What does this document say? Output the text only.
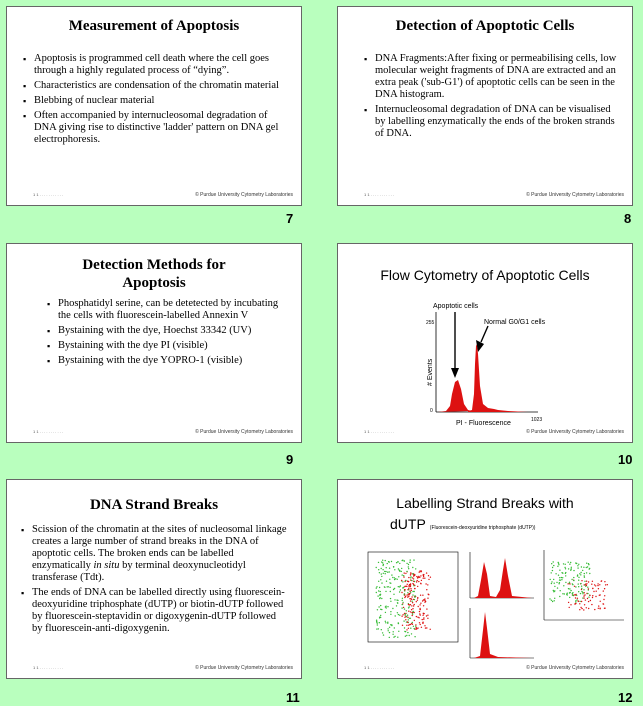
Measurement of Apoptosis
▪ Apoptosis is programmed cell death where the cell goes through a highly regulated process of “dying”.
▪ Characteristics are condensation of the chromatin material
▪ Blebbing of nuclear material
▪ Often accompanied by internucleosomal degradation of DNA giving rise to distinctive 'ladder' pattern on DNA gel electrophoresis.
1 1 . . . . . . . . . . .	© Purdue University Cytometry Laboratories
7
Detection of Apoptotic Cells
▪ DNA Fragments:After fixing or permeabilising cells, low molecular weight fragments of DNA are extracted and an extra peak ('sub-G1') of apoptotic cells can be seen in the DNA histogram.
▪ Internucleosomal degradation of DNA can be visualised by labelling enzymatically the ends of the broken strands of DNA.
1 1 . . . . . . . . . . .	© Purdue University Cytometry Laboratories
8
Detection Methods for Apoptosis
▪ Phosphatidyl serine, can be detetected by incubating the cells with fluorescein-labelled Annexin V
▪ Bystaining with the dye, Hoechst 33342 (UV)
▪ Bystaining with the dye PI (visible)
▪ Bystaining with the dye YOPRO-1 (visible)
1 1 . . . . . . . . . . .	© Purdue University Cytometry Laboratories
9
Flow Cytometry of Apoptotic Cells
Apoptotic cells
Normal G0/G1 cells
255
0
1023
# Events
PI - Fluorescence
1 1 . . . . . . . . . . .	© Purdue University Cytometry Laboratories
10
DNA Strand Breaks
▪ Scission of the chromatin at the sites of nucleosomal linkage creates a large number of strand breaks in the DNA of apoptotic cells. The broken ends can be labelled enzymatically in situ by terminal deoxynucleotidyl transferase (Tdt).
▪ The ends of DNA can be labelled directly using fluorescein-deoxyuridine triphosphate (dUTP) or biotin-dUTP followed by fluorescein-steptavidin or digoxygenin-dUTP followed by fluorescein-anti-digoxygenin.
1 1 . . . . . . . . . . .	© Purdue University Cytometry Laboratories
11
Labelling Strand Breaks with
dUTP (Fluorescein-deoxyuridine triphosphate (dUTP))
1 1 . . . . . . . . . . .	© Purdue University Cytometry Laboratories
12
